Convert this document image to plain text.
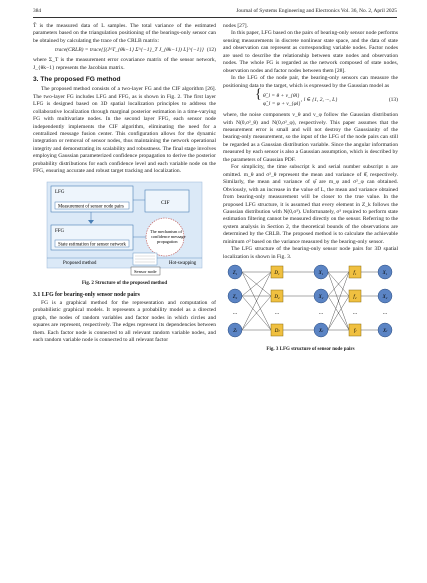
384	Journal of Systems Engineering and Electronics Vol. 36, No. 2, April 2025

T̂ is the measured data of L samples. The total variance of the estimated parameters based on the triangulation positioning of the bearings-only sensor can be obtained by calculating the trace of the CRLB matrix:

trace(CRLB) = trace{[(J^T_{θk−1} Σ^{−1}_T J_{θk−1}) L]^{−1}} (12)

where Σ_T is the measurement error covariance matrix of the sensor network, J_{θk−1} represents the Jacobian matrix.

3. The proposed FG method

The proposed method consists of a two-layer FG and the CIF algorithm [26]. The two-layer FG includes LFG and FFG, as is shown in Fig. 2. The first layer LFG is designed based on 3D spatial localization principles to address the collaborative localization through marginal posterior estimation in a time-varying FG with multivariate nodes. In the second layer FFG, each sensor node independently implements the CIF algorithm, eliminating the need for a centralized message fusion center. This configuration allows for the dynamic integration or removal of sensor nodes, thus maintaining the network operational integrity and demonstrating its scalability and robustness. The final stage involves employing Gaussian parameterized confidence propagation to derive the posterior probability distributions for each confidence level and each variable node on the FFG, ensuring accurate and robust target tracking and localization.

LFG
Measurement of sensor node pairs
CIF
FFG
State estimation for sensor network
The mechanism of
confidence message
propagation
Proposed method	Hot-swapping
Sensor node
Fig. 2 Structure of the proposed method
3.1 LFG for bearing-only sensor node pairs

FG is a graphical method for the representation and computation of probabilistic graphical models. It represents a probability model as a directed graph, the nodes of random variables and factor nodes in which circles and squares are represent, respectively. The edges represent its dependencies between them. Each factor node is connected to all relevant random variable nodes, and each random variable node is connected to all relevant factor

nodes [27].

In this paper, LFG based on the pairs of bearing-only sensor node performs sensing measurements in discrete nonlinear state space, and the data of state and observation can represent as corresponding variable nodes. Factor nodes are used to describe the relationship between state nodes and observation nodes. The whole FG is regarded as the network composed of state nodes, observation nodes and factor nodes between them [28].

In the LFG of the node pair, the bearing-only sensors can measure the positioning data to the target, which is expressed by the Gaussian model as

{ θ̂_l = θ + v_{θl}
φ̂_l = φ + v_{φl}
, l ∈ {1, 2, ···, L}	(13)

where, the noise components v_θ and v_φ follow the Gaussian distribution with N(0,σ²_θ) and N(0,σ²_φ), respectively. This paper assumes that the measurement error is small and will not destroy the Gaussianity of the bearing-only measurement, so the input of the LFG of the node pairs can still be regarded as a Gaussian distribution variable. Since the angular information measured by each sensor is also a Gaussian assumption, which is described by the parameters of Gaussian PDF.

For simplicity, the time subscript k and serial number subscript n are omitted. m_θ and σ²_θ represent the mean and variance of θ̂, respectively. Similarly, the mean and variance of φ̂ are m_φ and σ²_φ can obtained. Obviously, with an increase in the value of L, the mean and variance obtained from bearing-only measurement will be closer to the true value. In the proposed LFG structure, it is assumed that every element in Z_k follows the Gaussian distribution with N(0,σ²). Unfortunately, σ² required to perform state estimation filtering cannot be measured directly on the sensor. Referring to the system analysis in Section 2, the theoretical bounds of the observations are determined by the CRLB. The proposed method is to calculate the achievable minimum σ² based on the variance measured by the bearing-only sensor.

The LFG structure of the bearing-only sensor node pairs for 3D spatial localization is shown in Fig. 3.

Z₁	D₁	X₁	f₁	X₁
Z₂	D₂	X₂	f₂	X₂
Zₗ	Dₗ	Xₗ	fₗ	Xₗ
...	...	...	...	...
Fig. 3 LFG structure of sensor node pairs
